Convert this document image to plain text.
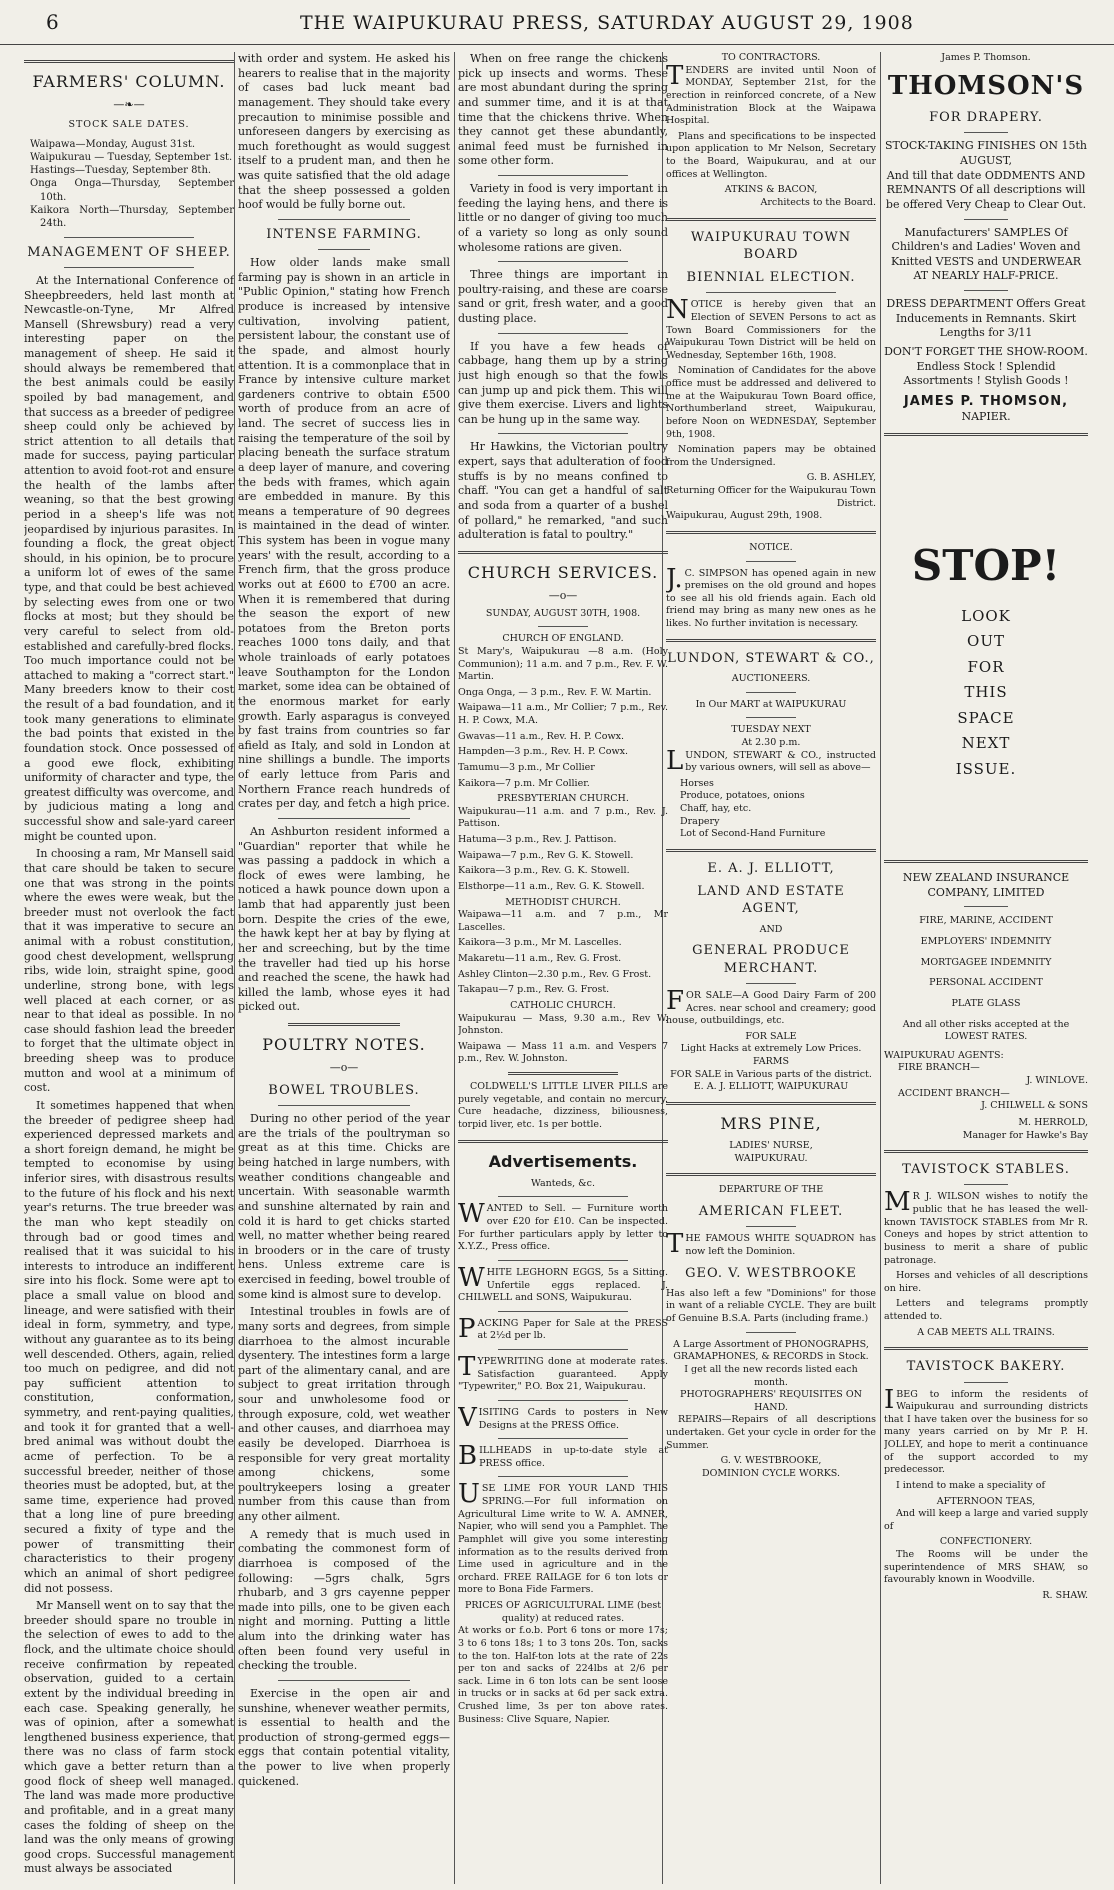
6	THE WAIPUKURAU PRESS, SATURDAY AUGUST 29, 1908
FARMERS' COLUMN.
—❧—
STOCK SALE DATES.
Waipawa—Monday, August 31st.
Waipukurau — Tuesday, September 1st.
Hastings—Tuesday, September 8th.
Onga Onga—Thursday, September 10th.
Kaikora North—Thursday, September 24th.
MANAGEMENT OF SHEEP.

At the International Conference of Sheepbreeders, held last month at Newcastle-on-Tyne, Mr Alfred Mansell (Shrewsbury) read a very interesting paper on the management of sheep. He said it should always be remembered that the best animals could be easily spoiled by bad management, and that success as a breeder of pedigree sheep could only be achieved by strict attention to all details that made for success, paying particular attention to avoid foot-rot and ensure the health of the lambs after weaning, so that the best growing period in a sheep's life was not jeopardised by injurious parasites. In founding a flock, the great object should, in his opinion, be to procure a uniform lot of ewes of the same type, and that could be best achieved by selecting ewes from one or two flocks at most; but they should be very careful to select from old-established and carefully-bred flocks. Too much importance could not be attached to making a "correct start." Many breeders know to their cost the result of a bad foundation, and it took many generations to eliminate the bad points that existed in the foundation stock. Once possessed of a good ewe flock, exhibiting uniformity of character and type, the greatest difficulty was overcome, and by judicious mating a long and successful show and sale-yard career might be counted upon.

In choosing a ram, Mr Mansell said that care should be taken to secure one that was strong in the points where the ewes were weak, but the breeder must not overlook the fact that it was imperative to secure an animal with a robust constitution, good chest development, wellsprung ribs, wide loin, straight spine, good underline, strong bone, with legs well placed at each corner, or as near to that ideal as possible. In no case should fashion lead the breeder to forget that the ultimate object in breeding sheep was to produce mutton and wool at a minimum of cost.

It sometimes happened that when the breeder of pedigree sheep had experienced depressed markets and a short foreign demand, he might be tempted to economise by using inferior sires, with disastrous results to the future of his flock and his next year's returns. The true breeder was the man who kept steadily on through bad or good times and realised that it was suicidal to his interests to introduce an indifferent sire into his flock. Some were apt to place a small value on blood and lineage, and were satisfied with their ideal in form, symmetry, and type, without any guarantee as to its being well descended. Others, again, relied too much on pedigree, and did not pay sufficient attention to constitution, conformation, symmetry, and rent-paying qualities, and took it for granted that a well-bred animal was without doubt the acme of perfection. To be a successful breeder, neither of those theories must be adopted, but, at the same time, experience had proved that a long line of pure breeding secured a fixity of type and the power of transmitting their characteristics to their progeny which an animal of short pedigree did not possess.

Mr Mansell went on to say that the breeder should spare no trouble in the selection of ewes to add to the flock, and the ultimate choice should receive confirmation by repeated observation, guided to a certain extent by the individual breeding in each case. Speaking generally, he was of opinion, after a somewhat lengthened business experience, that there was no class of farm stock which gave a better return than a good flock of sheep well managed. The land was made more productive and profitable, and in a great many cases the folding of sheep on the land was the only means of growing good crops. Successful management must always be associated

with order and system. He asked his hearers to realise that in the majority of cases bad luck meant bad management. They should take every precaution to minimise possible and unforeseen dangers by exercising as much forethought as would suggest itself to a prudent man, and then he was quite satisfied that the old adage that the sheep possessed a golden hoof would be fully borne out.

INTENSE FARMING.

How older lands make small farming pay is shown in an article in "Public Opinion," stating how French produce is increased by intensive cultivation, involving patient, persistent labour, the constant use of the spade, and almost hourly attention. It is a commonplace that in France by intensive culture market gardeners contrive to obtain £500 worth of produce from an acre of land. The secret of success lies in raising the temperature of the soil by placing beneath the surface stratum a deep layer of manure, and covering the beds with frames, which again are embedded in manure. By this means a temperature of 90 degrees is maintained in the dead of winter. This system has been in vogue many years' with the result, according to a French firm, that the gross produce works out at £600 to £700 an acre. When it is remembered that during the season the export of new potatoes from the Breton ports reaches 1000 tons daily, and that whole trainloads of early potatoes leave Southampton for the London market, some idea can be obtained of the enormous market for early growth. Early asparagus is conveyed by fast trains from countries so far afield as Italy, and sold in London at nine shillings a bundle. The imports of early lettuce from Paris and Northern France reach hundreds of crates per day, and fetch a high price.

An Ashburton resident informed a "Guardian" reporter that while he was passing a paddock in which a flock of ewes were lambing, he noticed a hawk pounce down upon a lamb that had apparently just been born. Despite the cries of the ewe, the hawk kept her at bay by flying at her and screeching, but by the time the traveller had tied up his horse and reached the scene, the hawk had killed the lamb, whose eyes it had picked out.

POULTRY NOTES.
—o—
BOWEL TROUBLES.

During no other period of the year are the trials of the poultryman so great as at this time. Chicks are being hatched in large numbers, with weather conditions changeable and uncertain. With seasonable warmth and sunshine alternated by rain and cold it is hard to get chicks started well, no matter whether being reared in brooders or in the care of trusty hens. Unless extreme care is exercised in feeding, bowel trouble of some kind is almost sure to develop.

Intestinal troubles in fowls are of many sorts and degrees, from simple diarrhoea to the almost incurable dysentery. The intestines form a large part of the alimentary canal, and are subject to great irritation through sour and unwholesome food or through exposure, cold, wet weather and other causes, and diarrhoea may easily be developed. Diarrhoea is responsible for very great mortality among chickens, some poultrykeepers losing a greater number from this cause than from any other ailment.

A remedy that is much used in combating the commonest form of diarrhoea is composed of the following: —5grs chalk, 5grs rhubarb, and 3 grs cayenne pepper made into pills, one to be given each night and morning. Putting a little alum into the drinking water has often been found very useful in checking the trouble.

Exercise in the open air and sunshine, whenever weather permits, is essential to health and the production of strong-germed eggs—eggs that contain potential vitality, the power to live when properly quickened.

When on free range the chickens pick up insects and worms. These are most abundant during the spring and summer time, and it is at that time that the chickens thrive. When they cannot get these abundantly, animal feed must be furnished in some other form.

Variety in food is very important in feeding the laying hens, and there is little or no danger of giving too much of a variety so long as only sound wholesome rations are given.

Three things are important in poultry-raising, and these are coarse sand or grit, fresh water, and a good dusting place.

If you have a few heads of cabbage, hang them up by a string just high enough so that the fowls can jump up and pick them. This will give them exercise. Livers and lights can be hung up in the same way.

Hr Hawkins, the Victorian poultry expert, says that adulteration of food stuffs is by no means confined to chaff. "You can get a handful of salt and soda from a quarter of a bushel of pollard," he remarked, "and such adulteration is fatal to poultry."

CHURCH SERVICES.
—o—
SUNDAY, AUGUST 30TH, 1908.
CHURCH OF ENGLAND.

St Mary's, Waipukurau —8 a.m. (Holy Communion); 11 a.m. and 7 p.m., Rev. F. W. Martin.

Onga Onga, — 3 p.m., Rev. F. W. Martin.

Waipawa—11 a.m., Mr Collier; 7 p.m., Rev. H. P. Cowx, M.A.

Gwavas—11 a.m., Rev. H. P. Cowx.

Hampden—3 p.m., Rev. H. P. Cowx.

Tamumu—3 p.m., Mr Collier

Kaikora—7 p.m. Mr Collier.

PRESBYTERIAN CHURCH.

Waipukurau—11 a.m. and 7 p.m., Rev. J. Pattison.

Hatuma—3 p.m., Rev. J. Pattison.

Waipawa—7 p.m., Rev G. K. Stowell.

Kaikora—3 p.m., Rev. G. K. Stowell.

Elsthorpe—11 a.m., Rev. G. K. Stowell.

METHODIST CHURCH.

Waipawa—11 a.m. and 7 p.m., Mr Lascelles.

Kaikora—3 p.m., Mr M. Lascelles.

Makaretu—11 a.m., Rev. G. Frost.

Ashley Clinton—2.30 p.m., Rev. G Frost.

Takapau—7 p.m., Rev. G. Frost.

CATHOLIC CHURCH.

Waipukurau — Mass, 9.30 a.m., Rev W. Johnston.

Waipawa — Mass 11 a.m. and Vespers 7 p.m., Rev. W. Johnston.

COLDWELL'S LITTLE LIVER PILLS are purely vegetable, and contain no mercury. Cure headache, dizziness, biliousness, torpid liver, etc. 1s per bottle.

Advertisements.
Wanteds, &c.

WANTED to Sell. — Furniture worth over £20 for £10. Can be inspected. For further particulars apply by letter to X.Y.Z., Press office.

WHITE LEGHORN EGGS, 5s a Sitting. Unfertile eggs replaced. J. CHILWELL and SONS, Waipukurau.

PACKING Paper for Sale at the PRESS at 2½d per lb.

TYPEWRITING done at moderate rates. Satisfaction guaranteed. Apply "Typewriter," P.O. Box 21, Waipukurau.

VISITING Cards to posters in New Designs at the PRESS Office.

BILLHEADS in up-to-date style at PRESS office.

USE LIME FOR YOUR LAND THIS SPRING.—For full information on Agricultural Lime write to W. A. AMNER, Napier, who will send you a Pamphlet. The Pamphlet will give you some interesting information as to the results derived from Lime used in agriculture and in the orchard. FREE RAILAGE for 6 ton lots or more to Bona Fide Farmers.

PRICES OF AGRICULTURAL LIME (best quality) at reduced rates.

At works or f.o.b. Port 6 tons or more 17s; 3 to 6 tons 18s; 1 to 3 tons 20s. Ton, sacks to the ton. Half-ton lots at the rate of 22s per ton and sacks of 224lbs at 2/6 per sack. Lime in 6 ton lots can be sent loose in trucks or in sacks at 6d per sack extra. Crushed lime, 3s per ton above rates. Business: Clive Square, Napier.

TO CONTRACTORS.

TENDERS are invited until Noon of MONDAY, September 21st, for the erection in reinforced concrete, of a New Administration Block at the Waipawa Hospital.

Plans and specifications to be inspected upon application to Mr Nelson, Secretary to the Board, Waipukurau, and at our offices at Wellington.

ATKINS & BACON,
Architects to the Board.
WAIPUKURAU TOWN BOARD
BIENNIAL ELECTION.

NOTICE is hereby given that an Election of SEVEN Persons to act as Town Board Commissioners for the Waipukurau Town District will be held on Wednesday, September 16th, 1908.

Nomination of Candidates for the above office must be addressed and delivered to me at the Waipukurau Town Board office, Northumberland street, Waipukurau, before Noon on WEDNESDAY, September 9th, 1908.

Nomination papers may be obtained from the Undersigned.

G. B. ASHLEY,
Returning Officer for the Waipukurau Town District.
Waipukurau, August 29th, 1908.
NOTICE.

J.C. SIMPSON has opened again in new premises on the old ground and hopes to see all his old friends again. Each old friend may bring as many new ones as he likes. No further invitation is necessary.

LUNDON, STEWART & CO.,
AUCTIONEERS.
In Our MART at WAIPUKURAU
TUESDAY NEXT
At 2.30 p.m.

LUNDON, STEWART & CO., instructed by various owners, will sell as above—

Horses
Produce, potatoes, onions
Chaff, hay, etc.
Drapery
Lot of Second-Hand Furniture
E. A. J. ELLIOTT,
LAND AND ESTATE AGENT,
AND
GENERAL PRODUCE MERCHANT.

FOR SALE—A Good Dairy Farm of 200 Acres. near school and creamery; good house, outbuildings, etc.

FOR SALE
Light Hacks at extremely Low Prices.
FARMS
FOR SALE in Various parts of the district.
E. A. J. ELLIOTT, WAIPUKURAU
MRS PINE,
LADIES' NURSE,
WAIPUKURAU.
DEPARTURE OF THE
AMERICAN FLEET.

THE FAMOUS WHITE SQUADRON has now left the Dominion.

GEO. V. WESTBROOKE

Has also left a few "Dominions" for those in want of a reliable CYCLE. They are built of Genuine B.S.A. Parts (including frame.)

A Large Assortment of PHONOGRAPHS, GRAMAPHONES, & RECORDS in Stock.
I get all the new records listed each month.
PHOTOGRAPHERS' REQUISITES ON HAND.

REPAIRS—Repairs of all descriptions undertaken. Get your cycle in order for the Summer.

G. V. WESTBROOKE,
DOMINION CYCLE WORKS.
James P. Thomson.
THOMSON'S
FOR DRAPERY.
STOCK-TAKING FINISHES ON 15th AUGUST,
And till that date ODDMENTS AND REMNANTS Of all descriptions will be offered Very Cheap to Clear Out.
Manufacturers' SAMPLES Of Children's and Ladies' Woven and Knitted VESTS and UNDERWEAR AT NEARLY HALF-PRICE.
DRESS DEPARTMENT Offers Great Inducements in Remnants. Skirt Lengths for 3/11
DON'T FORGET THE SHOW-ROOM.
Endless Stock ! Splendid Assortments ! Stylish Goods !
JAMES P. THOMSON,
NAPIER.
STOP!
LOOK
OUT
FOR
THIS
SPACE
NEXT
ISSUE.
NEW ZEALAND INSURANCE
COMPANY, LIMITED
FIRE, MARINE, ACCIDENT
EMPLOYERS' INDEMNITY
MORTGAGEE INDEMNITY
PERSONAL ACCIDENT
PLATE GLASS
And all other risks accepted at the LOWEST RATES.
WAIPUKURAU AGENTS:
FIRE BRANCH—
J. WINLOVE.
ACCIDENT BRANCH—
J. CHILWELL & SONS
M. HERROLD,
Manager for Hawke's Bay
TAVISTOCK STABLES.

MR J. WILSON wishes to notify the public that he has leased the well-known TAVISTOCK STABLES from Mr R. Coneys and hopes by strict attention to business to merit a share of public patronage.

Horses and vehicles of all descriptions on hire.

Letters and telegrams promptly attended to.

A CAB MEETS ALL TRAINS.
TAVISTOCK BAKERY.

IBEG to inform the residents of Waipukurau and surrounding districts that I have taken over the business for so many years carried on by Mr P. H. JOLLEY, and hope to merit a continuance of the support accorded to my predecessor.

I intend to make a speciality of

AFTERNOON TEAS,

And will keep a large and varied supply of

CONFECTIONERY.

The Rooms will be under the superintendence of MRS SHAW, so favourably known in Woodville.

R. SHAW.
